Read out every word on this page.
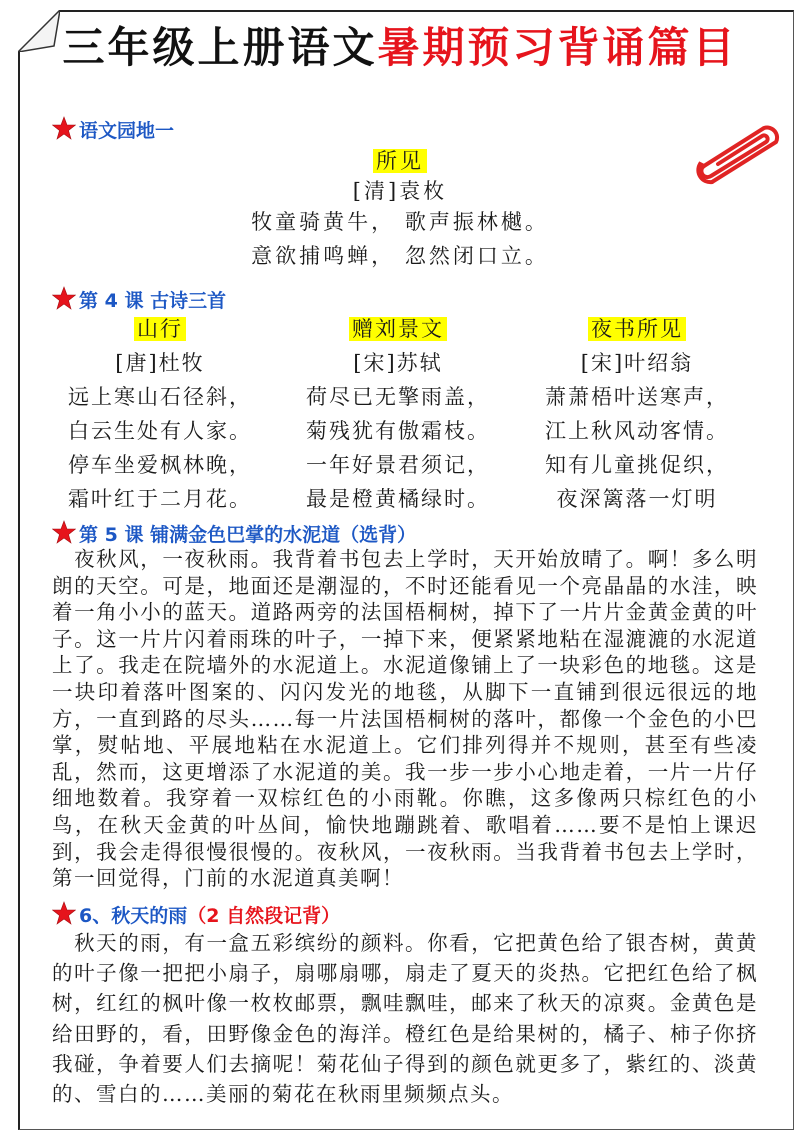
三年级上册语文暑期预习背诵篇目
语文园地一
所见
[清]袁枚
牧童骑黄牛， 歌声振林樾。
意欲捕鸣蝉， 忽然闭口立。
第 4 课 古诗三首
山行
[唐]杜牧
远上寒山石径斜，
白云生处有人家。
停车坐爱枫林晚，
霜叶红于二月花。
赠刘景文
[宋]苏轼
荷尽已无擎雨盖，
菊残犹有傲霜枝。
一年好景君须记，
最是橙黄橘绿时。
夜书所见
[宋]叶绍翁
萧萧梧叶送寒声，
江上秋风动客情。
知有儿童挑促织，
夜深篱落一灯明
第 5 课 铺满金色巴掌的水泥道（选背）
夜秋风，一夜秋雨。我背着书包去上学时，天开始放晴了。啊！多么明朗的天空。可是，地面还是潮湿的，不时还能看见一个亮晶晶的水洼，映着一角小小的蓝天。道路两旁的法国梧桐树，掉下了一片片金黄金黄的叶子。这一片片闪着雨珠的叶子，一掉下来，便紧紧地粘在湿漉漉的水泥道上了。我走在院墙外的水泥道上。水泥道像铺上了一块彩色的地毯。这是一块印着落叶图案的、闪闪发光的地毯，从脚下一直铺到很远很远的地方，一直到路的尽头……每一片法国梧桐树的落叶，都像一个金色的小巴掌，熨帖地、平展地粘在水泥道上。它们排列得并不规则，甚至有些凌乱，然而，这更增添了水泥道的美。我一步一步小心地走着，一片一片仔细地数着。我穿着一双棕红色的小雨靴。你瞧，这多像两只棕红色的小鸟，在秋天金黄的叶丛间，愉快地蹦跳着、歌唱着……要不是怕上课迟到，我会走得很慢很慢的。夜秋风，一夜秋雨。当我背着书包去上学时，第一回觉得，门前的水泥道真美啊！
6、秋天的雨（2 自然段记背）
秋天的雨，有一盒五彩缤纷的颜料。你看，它把黄色给了银杏树，黄黄的叶子像一把把小扇子，扇哪扇哪，扇走了夏天的炎热。它把红色给了枫树，红红的枫叶像一枚枚邮票，飘哇飘哇，邮来了秋天的凉爽。金黄色是给田野的，看，田野像金色的海洋。橙红色是给果树的，橘子、柿子你挤我碰，争着要人们去摘呢！菊花仙子得到的颜色就更多了，紫红的、淡黄的、雪白的……美丽的菊花在秋雨里频频点头。
